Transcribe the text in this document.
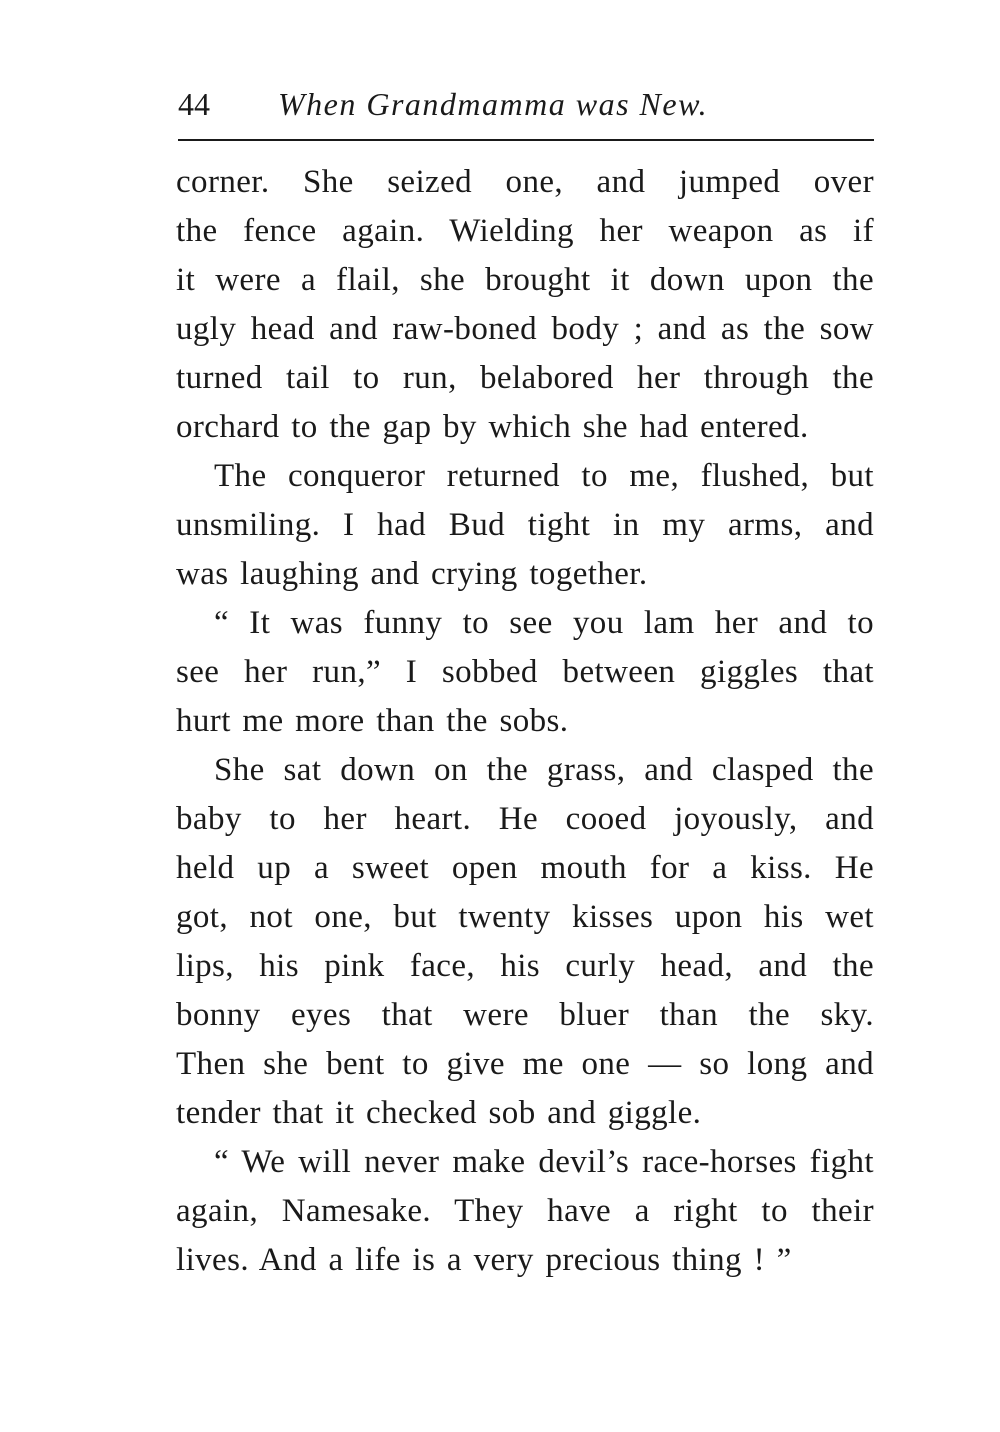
44 When Grandmamma was New.
corner. She seized one, and jumped over
the fence again. Wielding her weapon as if
it were a flail, she brought it down upon the
ugly head and raw-boned body ; and as the sow
turned tail to run, belabored her through the
orchard to the gap by which she had entered.
The conqueror returned to me, flushed, but
unsmiling. I had Bud tight in my arms, and
was laughing and crying together.
“ It was funny to see you lam her and to
see her run,” I sobbed between giggles that
hurt me more than the sobs.
She sat down on the grass, and clasped the
baby to her heart. He cooed joyously, and
held up a sweet open mouth for a kiss. He
got, not one, but twenty kisses upon his wet
lips, his pink face, his curly head, and the
bonny eyes that were bluer than the sky.
Then she bent to give me one — so long and
tender that it checked sob and giggle.
“ We will never make devil’s race-horses fight
again, Namesake. They have a right to their
lives. And a life is a very precious thing ! ”
